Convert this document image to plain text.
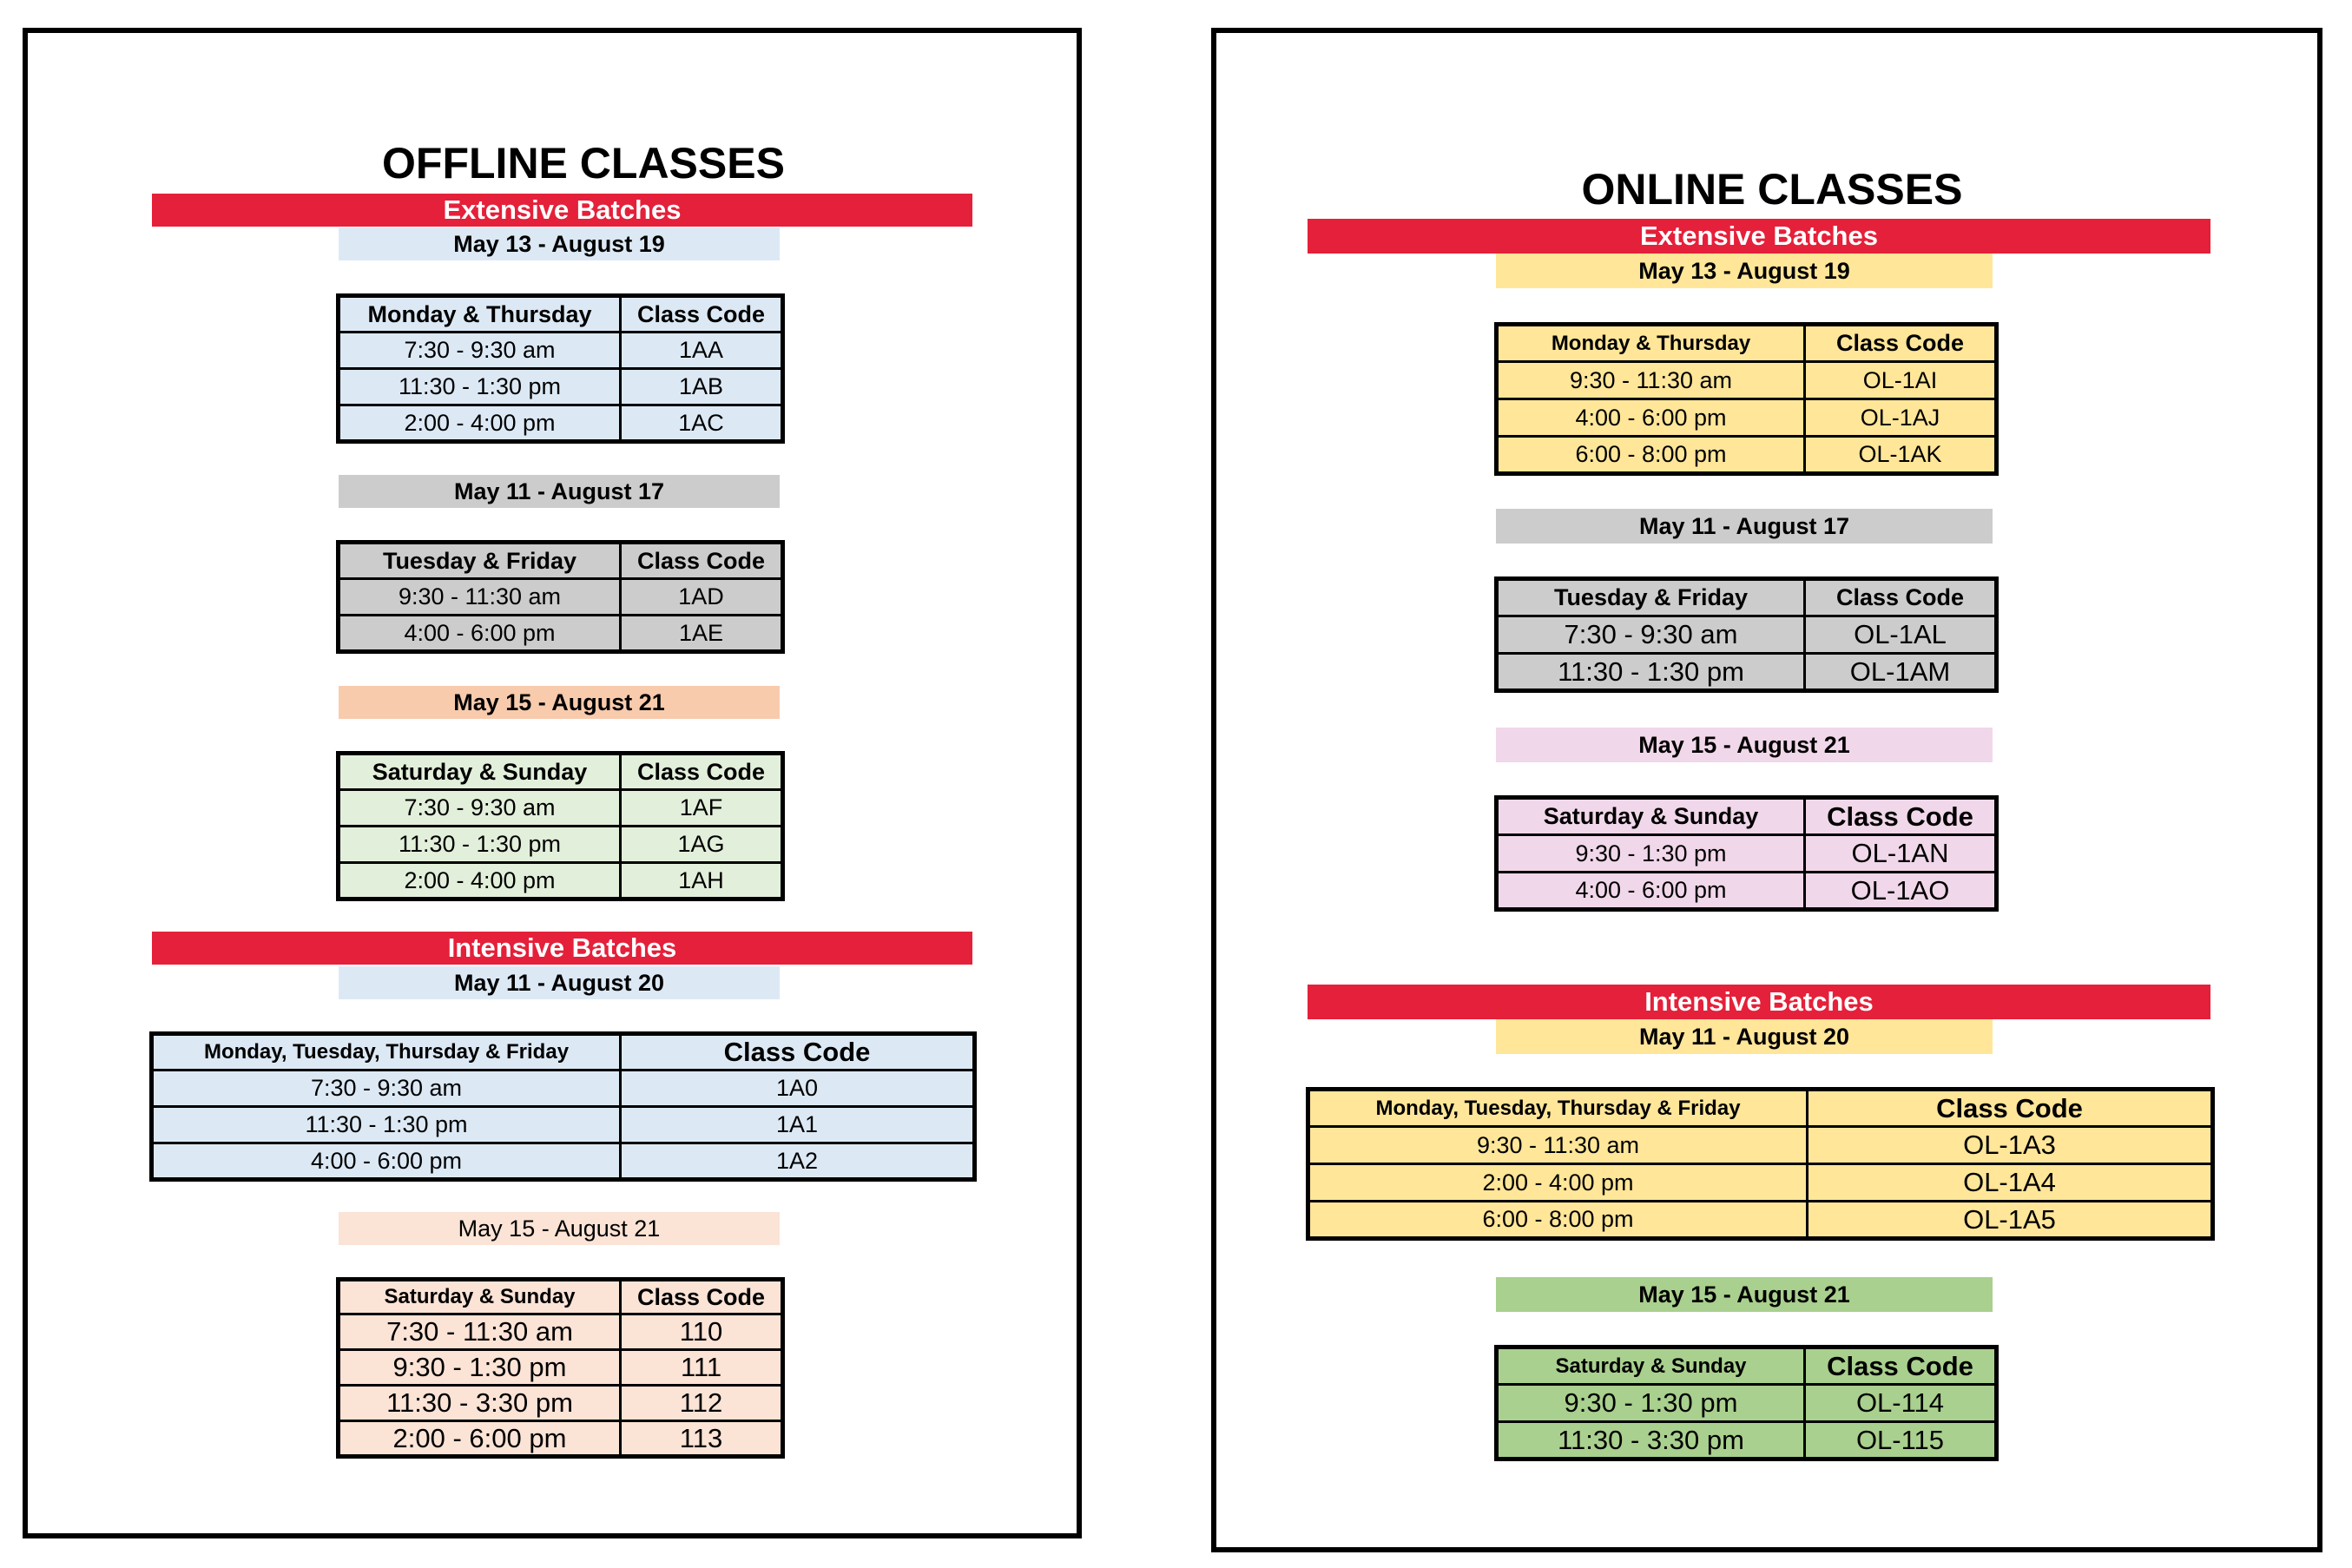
OFFLINE CLASSES
Extensive Batches
May 13 - August 19
Monday & Thursday	Class Code
7:30 - 9:30 am	1AA
11:30 - 1:30 pm	1AB
2:00 - 4:00 pm	1AC
May 11 - August 17
Tuesday & Friday	Class Code
9:30 - 11:30 am	1AD
4:00 - 6:00 pm	1AE
May 15 - August 21
Saturday & Sunday	Class Code
7:30 - 9:30 am	1AF
11:30 - 1:30 pm	1AG
2:00 - 4:00 pm	1AH
Intensive Batches
May 11 - August 20
Monday, Tuesday, Thursday & Friday	Class Code
7:30 - 9:30 am	1A0
11:30 - 1:30 pm	1A1
4:00 - 6:00 pm	1A2
May 15 - August 21
Saturday & Sunday	Class Code
7:30 - 11:30 am	110
9:30 - 1:30 pm	111
11:30 - 3:30 pm	112
2:00 - 6:00 pm	113
ONLINE CLASSES
Extensive Batches
May 13 - August 19
Monday & Thursday	Class Code
9:30 - 11:30 am	OL-1AI
4:00 - 6:00 pm	OL-1AJ
6:00 - 8:00 pm	OL-1AK
May 11 - August 17
Tuesday & Friday	Class Code
7:30 - 9:30 am	OL-1AL
11:30 - 1:30 pm	OL-1AM
May 15 - August 21
Saturday & Sunday	Class Code
9:30 - 1:30 pm	OL-1AN
4:00 - 6:00 pm	OL-1AO
Intensive Batches
May 11 - August 20
Monday, Tuesday, Thursday & Friday	Class Code
9:30 - 11:30 am	OL-1A3
2:00 - 4:00 pm	OL-1A4
6:00 - 8:00 pm	OL-1A5
May 15 - August 21
Saturday & Sunday	Class Code
9:30 - 1:30 pm	OL-114
11:30 - 3:30 pm	OL-115
